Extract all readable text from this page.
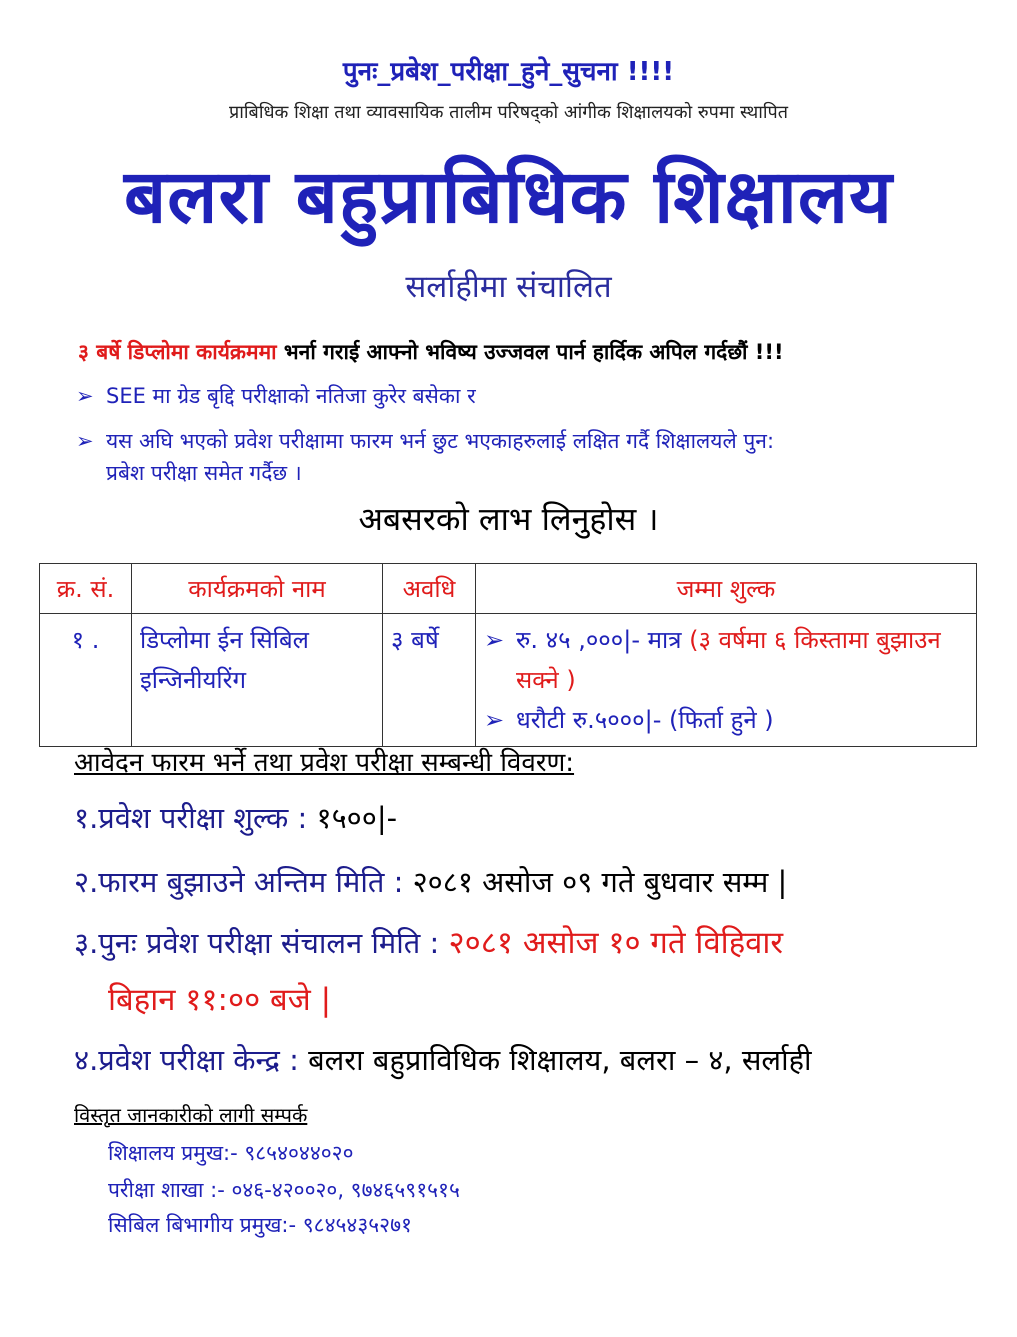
पुनः_प्रबेश_परीक्षा_हुने_सुचना !!!!
प्राबिधिक शिक्षा तथा व्यावसायिक तालीम परिषद्को आंगीक शिक्षालयको रुपमा स्थापित
बलरा बहुप्राबिधिक शिक्षालय
सर्लाहीमा संचालित
३ बर्षे डिप्लोमा कार्यक्रममा भर्ना गराई आफ्नो भविष्य उज्जवल पार्न हार्दिक अपिल गर्दछौं !!!
➢ SEE मा ग्रेड बृद्दि परीक्षाको नतिजा कुरेर बसेका र
➢ यस अघि भएको प्रवेश परीक्षामा फारम भर्न छुट भएकाहरुलाई लक्षित गर्दै शिक्षालयले पुन:
प्रबेश परीक्षा समेत गर्दैछ ।
अबसरको लाभ लिनुहोस ।
क्र. सं.	कार्यक्रमको नाम	अवधि	जम्मा शुल्क
१ .	डिप्लोमा ईन सिबिल इन्जिनीयरिंग	३ बर्षे	➢ रु. ४५ ,०००|- मात्र (३ वर्षमा ६ किस्तामा बुझाउन सक्ने )
➢ धरौटी रु.५०००|- (फिर्ता हुने )
आवेदन फारम भर्ने तथा प्रवेश परीक्षा सम्बन्धी विवरण:
१.प्रवेश परीक्षा शुल्क : १५००|-
२.फारम बुझाउने अन्तिम मिति : २०८१ असोज ०९ गते बुधवार सम्म |
३.पुनः प्रवेश परीक्षा संचालन मिति : २०८१ असोज १० गते विहिवार
बिहान ११:०० बजे |
४.प्रवेश परीक्षा केन्द्र : बलरा बहुप्राविधिक शिक्षालय, बलरा – ४, सर्लाही
विस्तृत जानकारीको लागी सम्पर्क
शिक्षालय प्रमुख:- ९८५४०४४०२०
परीक्षा शाखा :- ०४६-४२००२०, ९७४६५९१५१५
सिबिल बिभागीय प्रमुख:- ९८४५४३५२७१
